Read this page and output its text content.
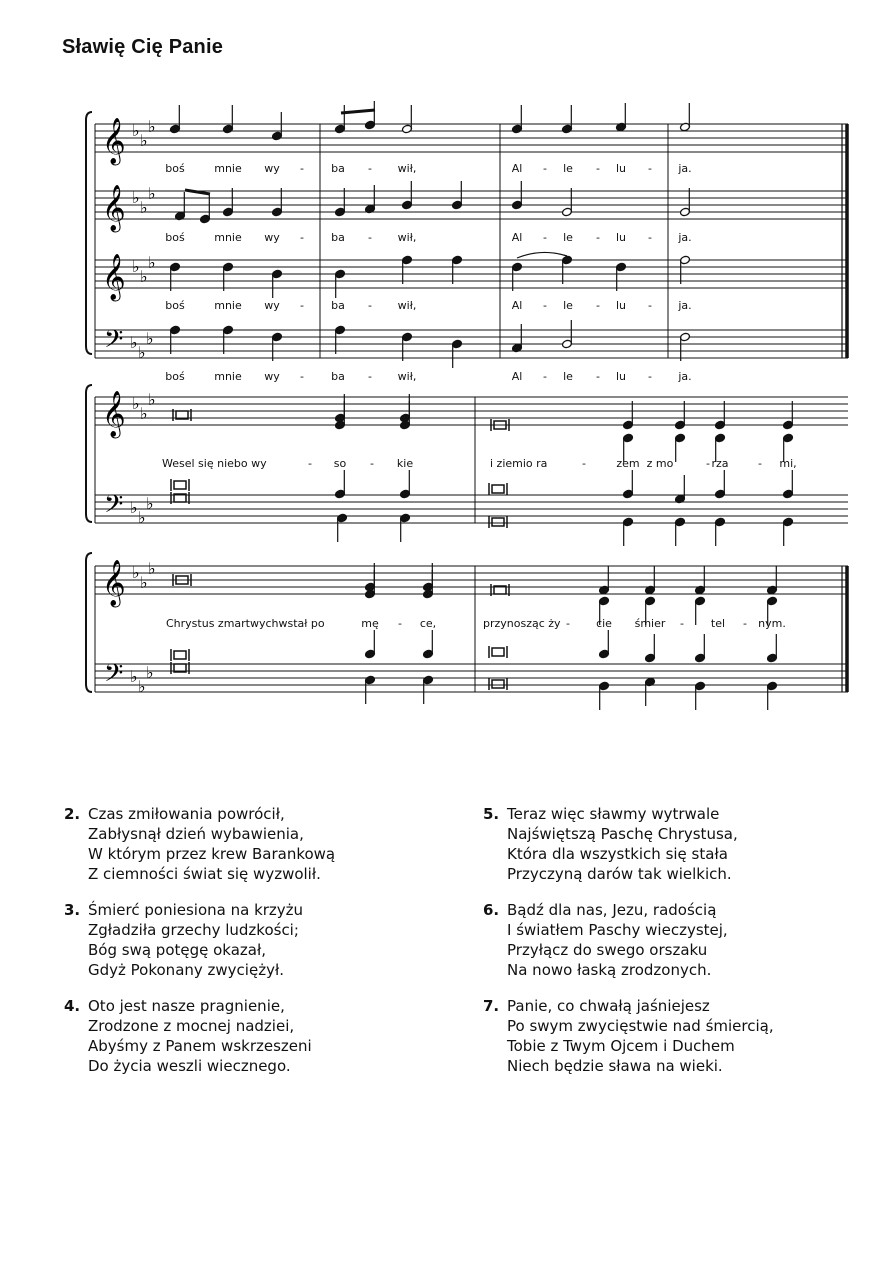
Sławię Cię Panie
𝄞
𝄞
𝄞
𝄢
♭
♭
♭
♭
♭
♭
♭
♭
♭
♭
♭
♭
𝄞
𝄢
♭
♭
♭
♭
♭
♭
𝄞
𝄢
♭
♭
♭
♭
♭
♭
boś	mnie wy - ba - wił,	Al - le - lu - ja.
boś	mnie wy - ba - wił,	Al - le - lu - ja.
boś	mnie wy - ba - wił,	Al - le - lu - ja.
boś	mnie wy - ba - wił,	Al - le - lu - ja.
Wesel się niebo wy	- so - kie	i ziemio ra	-	zem z mo	- rza	- mi,
Chrystus zmartwychwstał po	mę - ce,	przynosząc ży - cie śmier - tel - nym.
2. Czas zmiłowania powrócił,
Zabłysnął dzień wybawienia,
W którym przez krew Barankową
Z ciemności świat się wyzwolił.
3. Śmierć poniesiona na krzyżu
Zgładziła grzechy ludzkości;
Bóg swą potęgę okazał,
Gdyż Pokonany zwyciężył.
4. Oto jest nasze pragnienie,
Zrodzone z mocnej nadziei,
Abyśmy z Panem wskrzeszeni
Do życia weszli wiecznego.
5. Teraz więc sławmy wytrwale
Najświętszą Paschę Chrystusa,
Która dla wszystkich się stała
Przyczyną darów tak wielkich.
6. Bądź dla nas, Jezu, radością
I światłem Paschy wieczystej,
Przyłącz do swego orszaku
Na nowo łaską zrodzonych.
7. Panie, co chwałą jaśniejesz
Po swym zwycięstwie nad śmiercią,
Tobie z Twym Ojcem i Duchem
Niech będzie sława na wieki.
